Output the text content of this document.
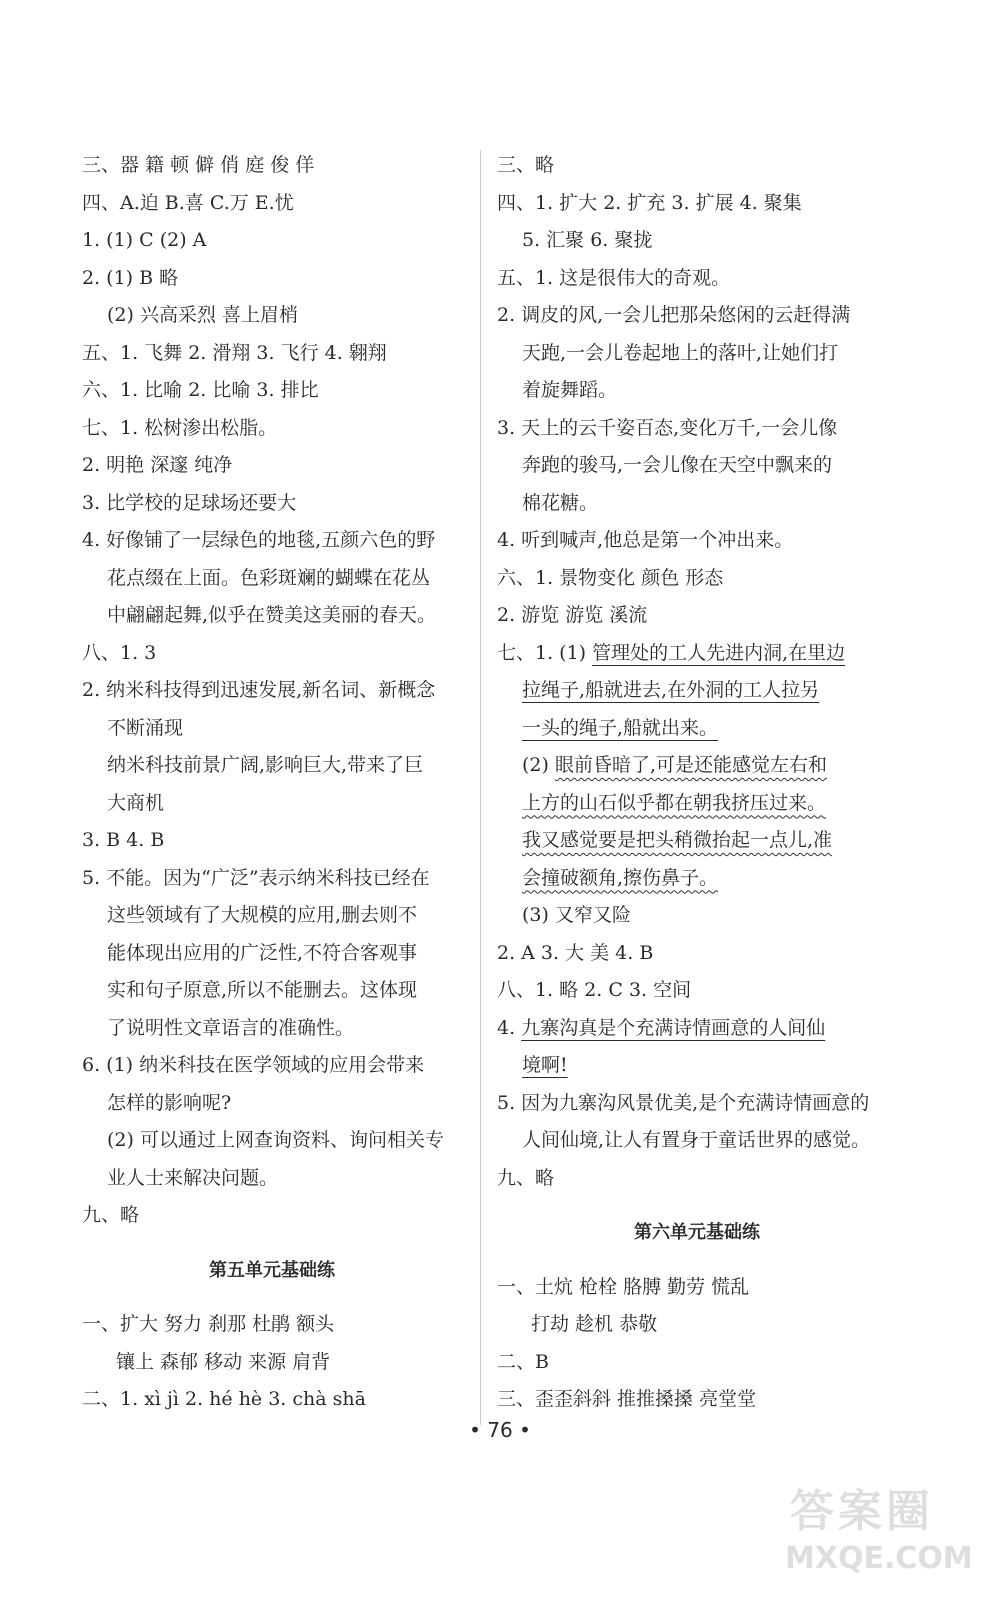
三、器 籍 顿 僻 俏 庭 俊 佯
四、A.迫 B.喜 C.万 E.忧
1. (1) C (2) A
2. (1) B 略
(2) 兴高采烈 喜上眉梢
五、1. 飞舞 2. 滑翔 3. 飞行 4. 翱翔
六、1. 比喻 2. 比喻 3. 排比
七、1. 松树渗出松脂。
2. 明艳 深邃 纯净
3. 比学校的足球场还要大
4. 好像铺了一层绿色的地毯,五颜六色的野
花点缀在上面。色彩斑斓的蝴蝶在花丛
中翩翩起舞,似乎在赞美这美丽的春天。
八、1. 3
2. 纳米科技得到迅速发展,新名词、新概念
不断涌现
纳米科技前景广阔,影响巨大,带来了巨
大商机
3. B 4. B
5. 不能。因为“广泛”表示纳米科技已经在
这些领域有了大规模的应用,删去则不
能体现出应用的广泛性,不符合客观事
实和句子原意,所以不能删去。这体现
了说明性文章语言的准确性。
6. (1) 纳米科技在医学领域的应用会带来
怎样的影响呢?
(2) 可以通过上网查询资料、询问相关专
业人士来解决问题。
九、略
第五单元基础练
一、扩大 努力 刹那 杜鹃 额头
镶上 森郁 移动 来源 肩背
二、1. xì jì 2. hé hè 3. chà shā
三、略
四、1. 扩大 2. 扩充 3. 扩展 4. 聚集
5. 汇聚 6. 聚拢
五、1. 这是很伟大的奇观。
2. 调皮的风,一会儿把那朵悠闲的云赶得满
天跑,一会儿卷起地上的落叶,让她们打
着旋舞蹈。
3. 天上的云千姿百态,变化万千,一会儿像
奔跑的骏马,一会儿像在天空中飘来的
棉花糖。
4. 听到喊声,他总是第一个冲出来。
六、1. 景物变化 颜色 形态
2. 游览 游览 溪流
七、1. (1) 管理处的工人先进内洞,在里边
拉绳子,船就进去,在外洞的工人拉另
一头的绳子,船就出来。
(2) 眼前昏暗了,可是还能感觉左右和
上方的山石似乎都在朝我挤压过来。
我又感觉要是把头稍微抬起一点儿,准
会撞破额角,擦伤鼻子。
(3) 又窄又险
2. A 3. 大 美 4. B
八、1. 略 2. C 3. 空间
4. 九寨沟真是个充满诗情画意的人间仙
境啊!
5. 因为九寨沟风景优美,是个充满诗情画意的
人间仙境,让人有置身于童话世界的感觉。
九、略
第六单元基础练
一、土炕 枪栓 胳膊 勤劳 慌乱
打劫 趁机 恭敬
二、B
三、歪歪斜斜 推推搡搡 亮堂堂
• 76 •
答案圈
MXQE.COM
